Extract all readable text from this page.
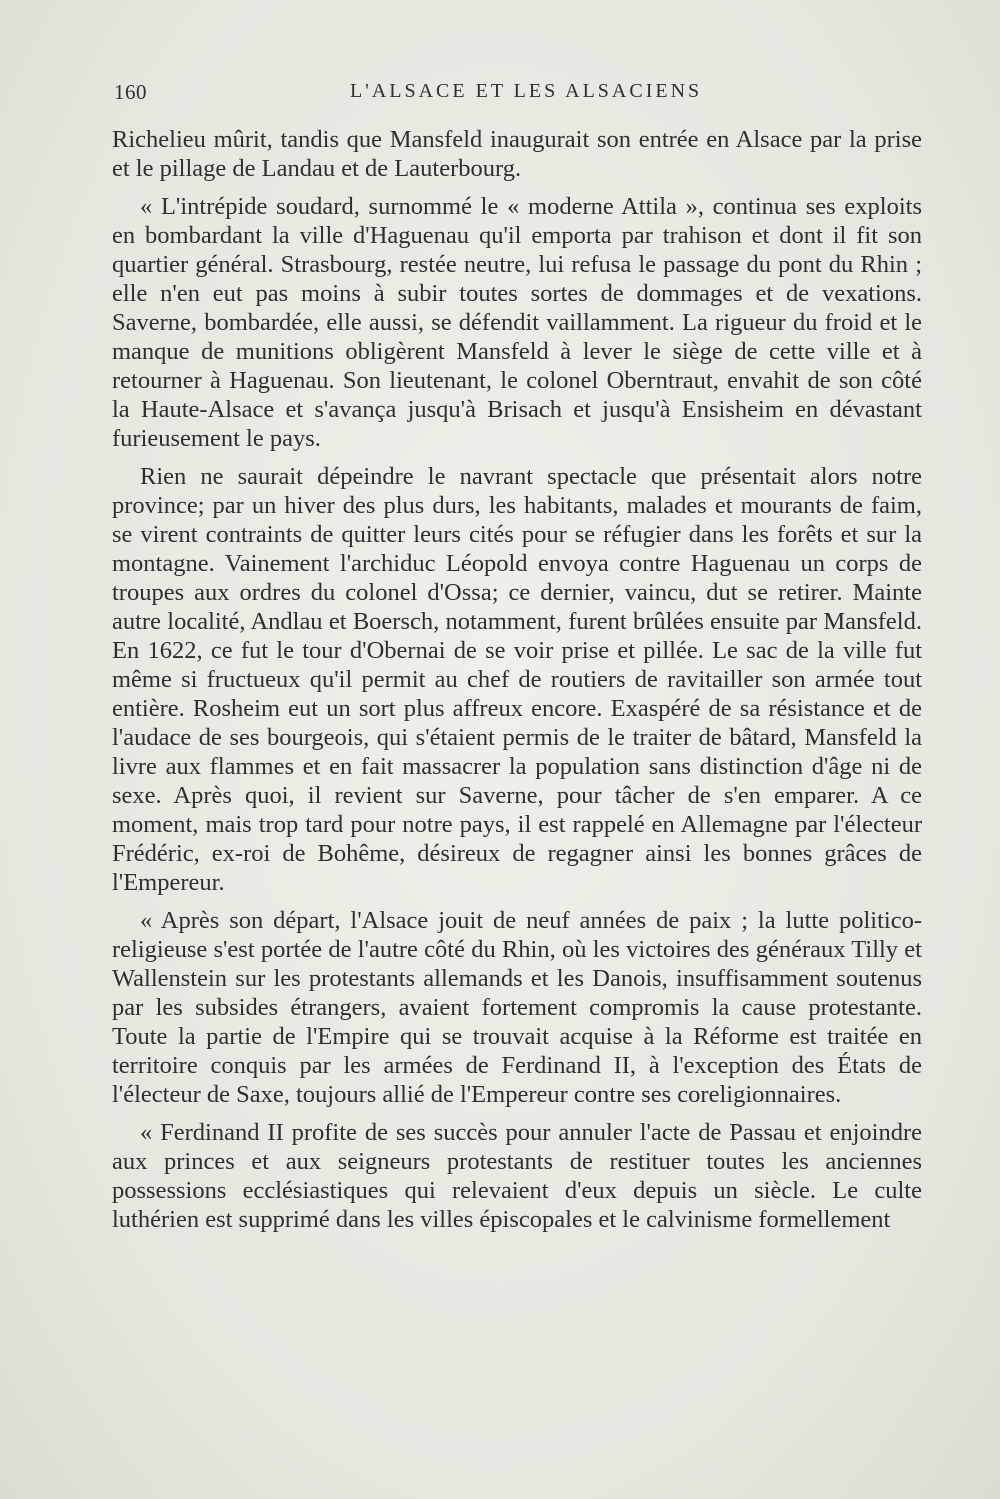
160	L'ALSACE ET LES ALSACIENS

Richelieu mûrit, tandis que Mansfeld inaugurait son entrée en Alsace par la prise et le pillage de Landau et de Lauterbourg.

« L'intrépide soudard, surnommé le « moderne Attila », continua ses exploits en bombardant la ville d'Haguenau qu'il emporta par trahison et dont il fit son quartier général. Strasbourg, restée neutre, lui refusa le passage du pont du Rhin ; elle n'en eut pas moins à subir toutes sortes de dommages et de vexations. Saverne, bombardée, elle aussi, se défendit vaillamment. La rigueur du froid et le manque de munitions obligèrent Mansfeld à lever le siège de cette ville et à retourner à Haguenau. Son lieutenant, le colonel Oberntraut, envahit de son côté la Haute-Alsace et s'avança jusqu'à Brisach et jusqu'à Ensisheim en dévastant furieusement le pays.

Rien ne saurait dépeindre le navrant spectacle que présentait alors notre province; par un hiver des plus durs, les habitants, malades et mourants de faim, se virent contraints de quitter leurs cités pour se réfugier dans les forêts et sur la montagne. Vainement l'archiduc Léopold envoya contre Haguenau un corps de troupes aux ordres du colonel d'Ossa; ce dernier, vaincu, dut se retirer. Mainte autre localité, Andlau et Boersch, notamment, furent brûlées ensuite par Mansfeld. En 1622, ce fut le tour d'Obernai de se voir prise et pillée. Le sac de la ville fut même si fructueux qu'il permit au chef de routiers de ravitailler son armée tout entière. Rosheim eut un sort plus affreux encore. Exaspéré de sa résistance et de l'audace de ses bourgeois, qui s'étaient permis de le traiter de bâtard, Mansfeld la livre aux flammes et en fait massacrer la population sans distinction d'âge ni de sexe. Après quoi, il revient sur Saverne, pour tâcher de s'en emparer. A ce moment, mais trop tard pour notre pays, il est rappelé en Allemagne par l'électeur Frédéric, ex-roi de Bohême, désireux de regagner ainsi les bonnes grâces de l'Empereur.

« Après son départ, l'Alsace jouit de neuf années de paix ; la lutte politico-religieuse s'est portée de l'autre côté du Rhin, où les victoires des généraux Tilly et Wallenstein sur les protestants allemands et les Danois, insuffisamment soutenus par les subsides étrangers, avaient fortement compromis la cause protestante. Toute la partie de l'Empire qui se trouvait acquise à la Réforme est traitée en territoire conquis par les armées de Ferdinand II, à l'exception des États de l'électeur de Saxe, toujours allié de l'Empereur contre ses coreligionnaires.

« Ferdinand II profite de ses succès pour annuler l'acte de Passau et enjoindre aux princes et aux seigneurs protestants de restituer toutes les anciennes possessions ecclésiastiques qui relevaient d'eux depuis un siècle. Le culte luthérien est supprimé dans les villes épiscopales et le calvinisme formellement
